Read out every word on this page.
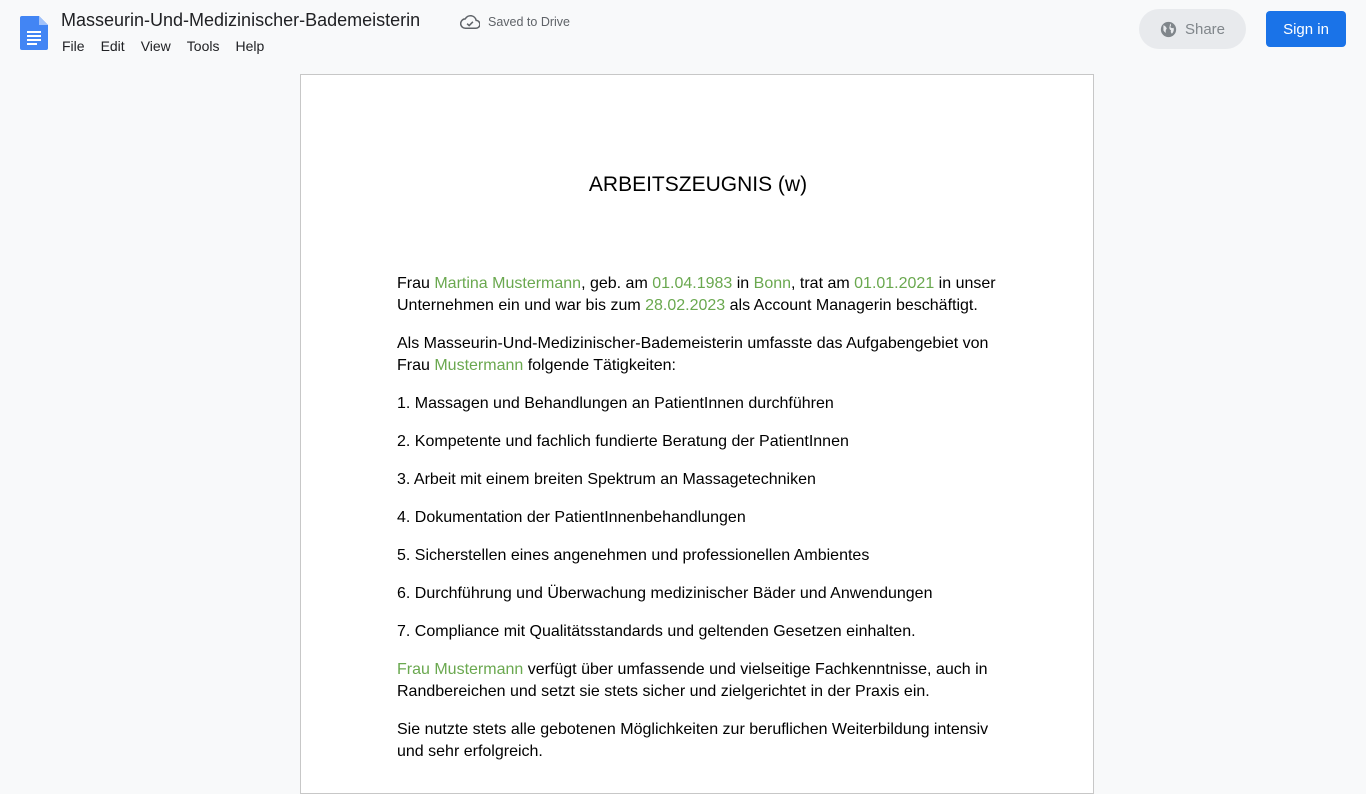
Masseurin-Und-Medizinischer-Bademeisterin	Saved to Drive
File	Edit	View	Tools	Help
Share	Sign in
ARBEITSZEUGNIS (w)

Frau Martina Mustermann, geb. am 01.04.1983 in Bonn, trat am 01.01.2021 in unser Unternehmen ein und war bis zum 28.02.2023 als Account Managerin beschäftigt.

Als Masseurin-Und-Medizinischer-Bademeisterin umfasste das Aufgabengebiet von Frau Mustermann folgende Tätigkeiten:

1. Massagen und Behandlungen an PatientInnen durchführen

2. Kompetente und fachlich fundierte Beratung der PatientInnen

3. Arbeit mit einem breiten Spektrum an Massagetechniken

4. Dokumentation der PatientInnenbehandlungen

5. Sicherstellen eines angenehmen und professionellen Ambientes

6. Durchführung und Überwachung medizinischer Bäder und Anwendungen

7. Compliance mit Qualitätsstandards und geltenden Gesetzen einhalten.

Frau Mustermann verfügt über umfassende und vielseitige Fachkenntnisse, auch in Randbereichen und setzt sie stets sicher und zielgerichtet in der Praxis ein.

Sie nutzte stets alle gebotenen Möglichkeiten zur beruflichen Weiterbildung intensiv und sehr erfolgreich.
